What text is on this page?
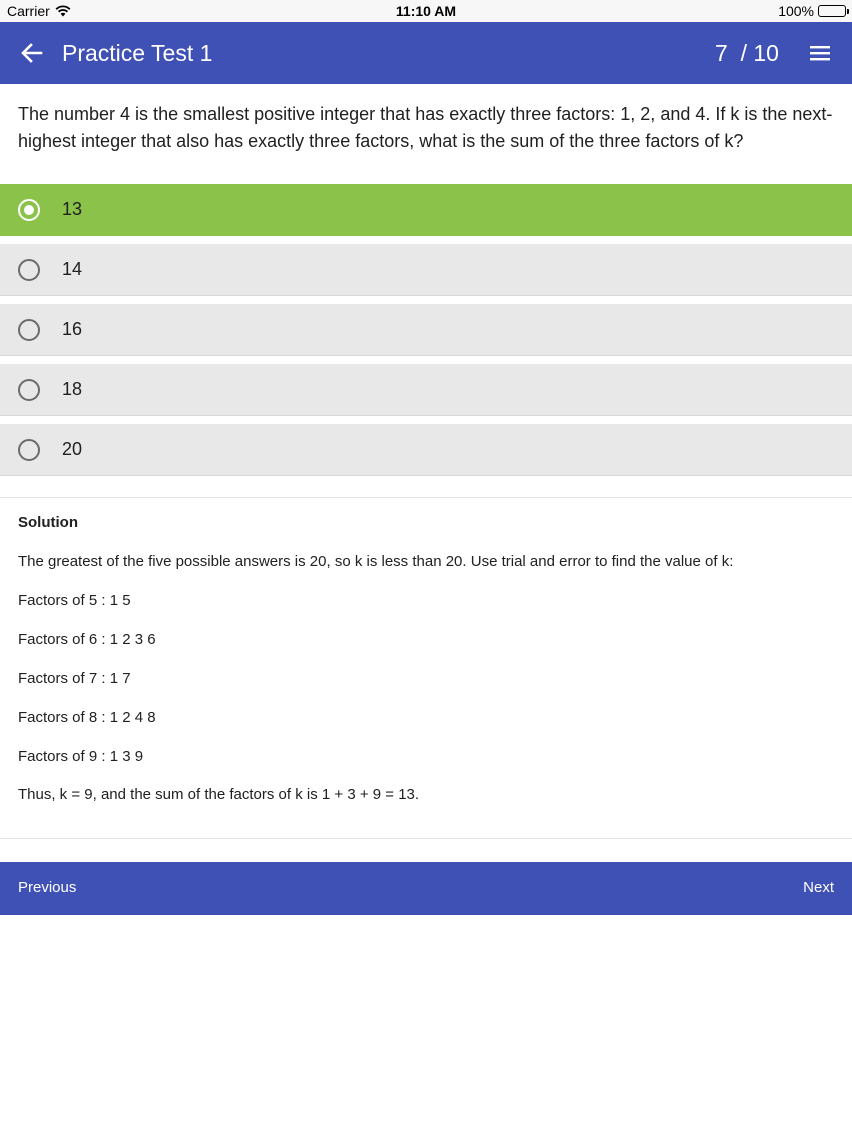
Carrier	11:10 AM	100%
Practice Test 1	7  / 10
The number 4 is the smallest positive integer that has exactly three factors: 1, 2, and 4. If k is the next-highest integer that also has exactly three factors, what is the sum of the three factors of k?
13
14
16
18
20
Solution
The greatest of the five possible answers is 20, so k is less than 20. Use trial and error to find the value of k:
Factors of 5 : 1 5
Factors of 6 : 1 2 3 6
Factors of 7 : 1 7
Factors of 8 : 1 2 4 8
Factors of 9 : 1 3 9
Thus, k = 9, and the sum of the factors of k is 1 + 3 + 9 = 13.
Previous	Next
